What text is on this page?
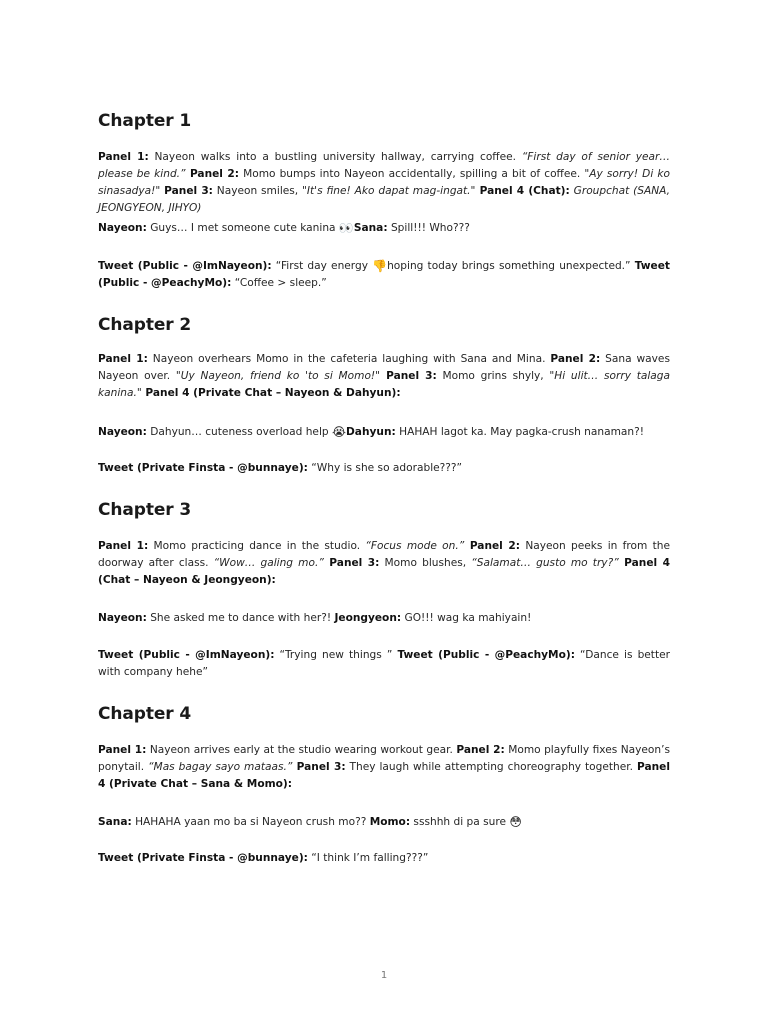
Chapter 1

Panel 1: Nayeon walks into a bustling university hallway, carrying coffee. “First day of senior year… please be kind.” Panel 2: Momo bumps into Nayeon accidentally, spilling a bit of coffee. "Ay sorry! Di ko sinasadya!" Panel 3: Nayeon smiles, "It's fine! Ako dapat mag-ingat." Panel 4 (Chat): Groupchat (SANA, JEONGYEON, JIHYO)

Nayeon: Guys… I met someone cute kanina 👀Sana: Spill!!! Who???

Tweet (Public - @ImNayeon): “First day energy 👎hoping today brings something unexpected.” Tweet (Public - @PeachyMo): “Coffee > sleep.”

Chapter 2

Panel 1: Nayeon overhears Momo in the cafeteria laughing with Sana and Mina. Panel 2: Sana waves Nayeon over. "Uy Nayeon, friend ko 'to si Momo!" Panel 3: Momo grins shyly, "Hi ulit… sorry talaga kanina." Panel 4 (Private Chat – Nayeon & Dahyun):

Nayeon: Dahyun… cuteness overload help 😭Dahyun: HAHAH lagot ka. May pagka-crush nanaman?!

Tweet (Private Finsta - @bunnaye): “Why is she so adorable???”

Chapter 3

Panel 1: Momo practicing dance in the studio. “Focus mode on.” Panel 2: Nayeon peeks in from the doorway after class. “Wow… galing mo.” Panel 3: Momo blushes, “Salamat… gusto mo try?” Panel 4 (Chat – Nayeon & Jeongyeon):

Nayeon: She asked me to dance with her?! Jeongyeon: GO!!! wag ka mahiyain!

Tweet (Public - @ImNayeon): “Trying new things ” Tweet (Public - @PeachyMo): “Dance is better with company hehe”

Chapter 4

Panel 1: Nayeon arrives early at the studio wearing workout gear. Panel 2: Momo playfully fixes Nayeon’s ponytail. “Mas bagay sayo mataas.” Panel 3: They laugh while attempting choreography together. Panel 4 (Private Chat – Sana & Momo):

Sana: HAHAHA yaan mo ba si Nayeon crush mo?? Momo: ssshhh di pa sure 😳

Tweet (Private Finsta - @bunnaye): “I think I’m falling???”

1
